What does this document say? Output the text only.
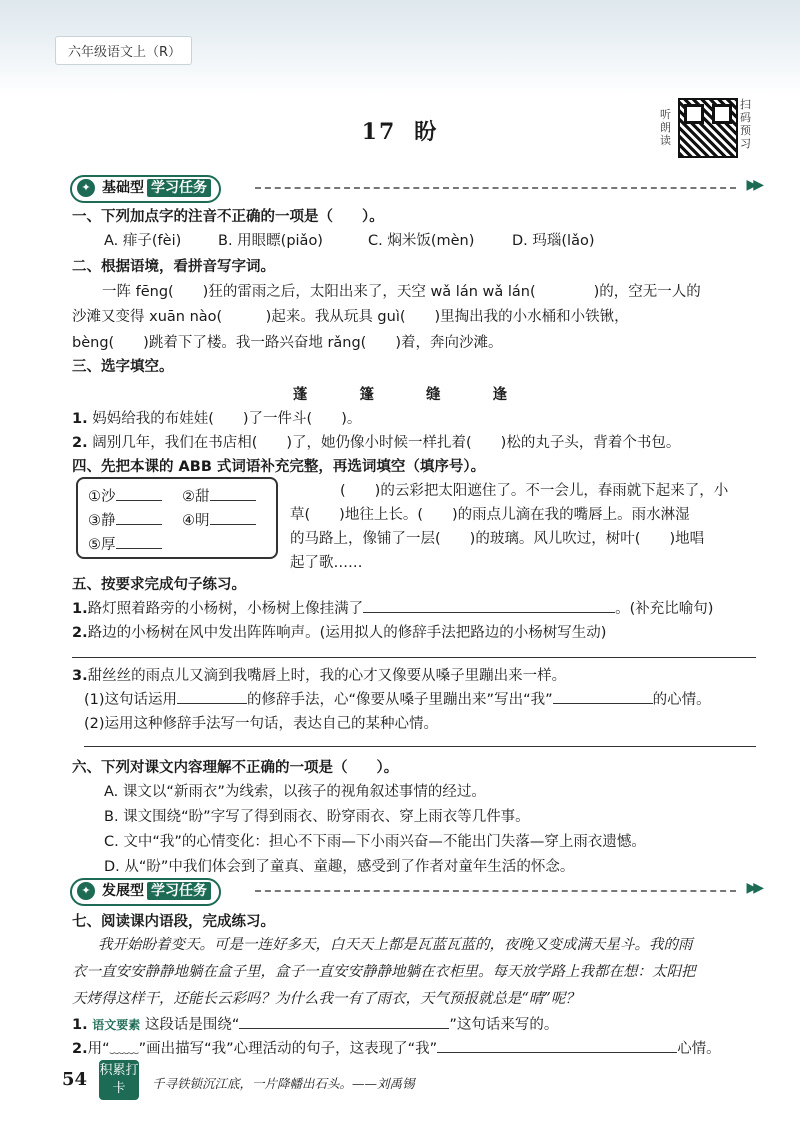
六年级语文上（R）
17 盼
听朗读
扫码预习
✦ 基础型 学习任务	▶▶
一、下列加点字的注音不正确的一项是（　　）。
A. 痱子(fèi)	B. 用眼瞟(piǎo)	C. 焖米饭(mèn)	D. 玛瑙(lǎo)
二、根据语境，看拼音写字词。
一阵 fēng(　　)狂的雷雨之后，太阳出来了，天空 wǎ lán wǎ lán(　　　　)的，空无一人的
沙滩又变得 xuān nào(　　　)起来。我从玩具 guì(　　)里掏出我的小水桶和小铁锹，
bèng(　　)跳着下了楼。我一路兴奋地 rǎng(　　)着，奔向沙滩。
三、选字填空。
蓬	篷	缝	逢
1. 妈妈给我的布娃娃(　　)了一件斗(　　)。
2. 阔别几年，我们在书店相(　　)了，她仍像小时候一样扎着(　　)松的丸子头，背着个书包。
四、先把本课的 ABB 式词语补充完整，再选词填空（填序号）。
①沙	②甜
③静	④明
⑤厚
(　　)的云彩把太阳遮住了。不一会儿，春雨就下起来了，小
草(　　)地往上长。(　　)的雨点儿滴在我的嘴唇上。雨水淋湿
的马路上，像铺了一层(　　)的玻璃。风儿吹过，树叶(　　)地唱
起了歌……
五、按要求完成句子练习。
1.路灯照着路旁的小杨树，小杨树上像挂满了	。(补充比喻句)
2.路边的小杨树在风中发出阵阵响声。(运用拟人的修辞手法把路边的小杨树写生动)
3.甜丝丝的雨点儿又滴到我嘴唇上时，我的心才又像要从嗓子里蹦出来一样。
(1)这句话运用	的修辞手法，心“像要从嗓子里蹦出来”写出“我”	的心情。
(2)运用这种修辞手法写一句话，表达自己的某种心情。
六、下列对课文内容理解不正确的一项是（　　）。
A. 课文以“新雨衣”为线索，以孩子的视角叙述事情的经过。
B. 课文围绕“盼”字写了得到雨衣、盼穿雨衣、穿上雨衣等几件事。
C. 文中“我”的心情变化：担心不下雨—下小雨兴奋—不能出门失落—穿上雨衣遗憾。
D. 从“盼”中我们体会到了童真、童趣，感受到了作者对童年生活的怀念。
✦ 发展型 学习任务	▶▶
七、阅读课内语段，完成练习。
我开始盼着变天。可是一连好多天，白天天上都是瓦蓝瓦蓝的，夜晚又变成满天星斗。我的雨
衣一直安安静静地躺在盒子里，盒子一直安安静静地躺在衣柜里。每天放学路上我都在想：太阳把
天烤得这样干，还能长云彩吗？为什么我一有了雨衣，天气预报就总是“晴”呢？
1. 语文要素 这段话是围绕“	”这句话来写的。
2.用“﹏﹏”画出描写“我”心理活动的句子，这表现了“我”	心情。
54 积累打卡	千寻铁锁沉江底，一片降幡出石头。——刘禹锡
